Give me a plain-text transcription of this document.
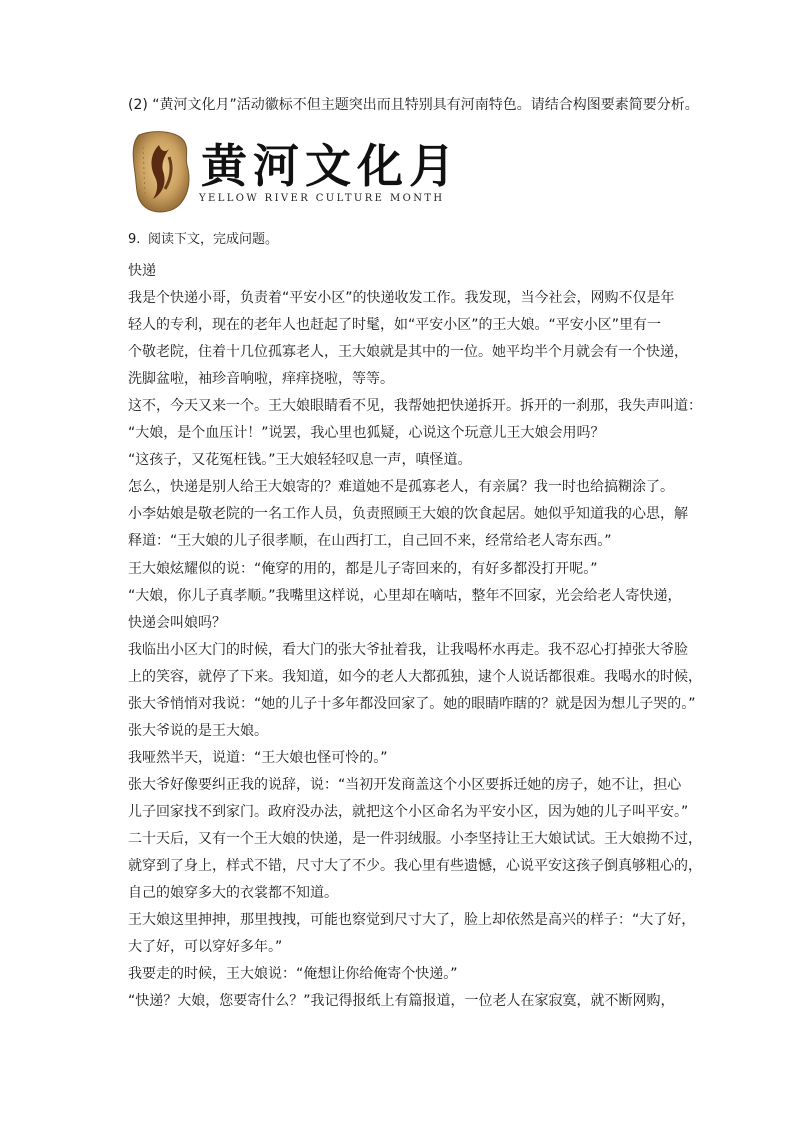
(2) “黄河文化月”活动徽标不但主题突出而且特别具有河南特色。请结合构图要素简要分析。
黄河文化月
YELLOW RIVER CULTURE MONTH
9. 阅读下文，完成问题。
快递
我是个快递小哥，负责着“平安小区”的快递收发工作。我发现，当今社会，网购不仅是年
轻人的专利，现在的老年人也赶起了时髦，如“平安小区”的王大娘。“平安小区”里有一
个敬老院，住着十几位孤寡老人，王大娘就是其中的一位。她平均半个月就会有一个快递，
洗脚盆啦，袖珍音响啦，痒痒挠啦，等等。
这不，今天又来一个。王大娘眼睛看不见，我帮她把快递拆开。拆开的一刹那，我失声叫道：
“大娘，是个血压计！”说罢，我心里也狐疑，心说这个玩意儿王大娘会用吗？
“这孩子，又花冤枉钱。”王大娘轻轻叹息一声，嗔怪道。
怎么，快递是别人给王大娘寄的？难道她不是孤寡老人，有亲属？我一时也给搞糊涂了。
小李姑娘是敬老院的一名工作人员，负责照顾王大娘的饮食起居。她似乎知道我的心思，解
释道：“王大娘的儿子很孝顺，在山西打工，自己回不来，经常给老人寄东西。”
王大娘炫耀似的说：“俺穿的用的，都是儿子寄回来的，有好多都没打开呢。”
“大娘，你儿子真孝顺。”我嘴里这样说，心里却在嘀咕，整年不回家，光会给老人寄快递，
快递会叫娘吗？
我临出小区大门的时候，看大门的张大爷扯着我，让我喝杯水再走。我不忍心打掉张大爷脸
上的笑容，就停了下来。我知道，如今的老人大都孤独，逮个人说话都很难。我喝水的时候，
张大爷悄悄对我说：“她的儿子十多年都没回家了。她的眼睛咋瞎的？就是因为想儿子哭的。”
张大爷说的是王大娘。
我哑然半天，说道：“王大娘也怪可怜的。”
张大爷好像要纠正我的说辞，说：“当初开发商盖这个小区要拆迁她的房子，她不让，担心
儿子回家找不到家门。政府没办法，就把这个小区命名为平安小区，因为她的儿子叫平安。”
二十天后，又有一个王大娘的快递，是一件羽绒服。小李坚持让王大娘试试。王大娘拗不过，
就穿到了身上，样式不错，尺寸大了不少。我心里有些遗憾，心说平安这孩子倒真够粗心的，
自己的娘穿多大的衣裳都不知道。
王大娘这里抻抻，那里拽拽，可能也察觉到尺寸大了，脸上却依然是高兴的样子：“大了好，
大了好，可以穿好多年。”
我要走的时候，王大娘说：“俺想让你给俺寄个快递。”
“快递？大娘，您要寄什么？”我记得报纸上有篇报道，一位老人在家寂寞，就不断网购，
